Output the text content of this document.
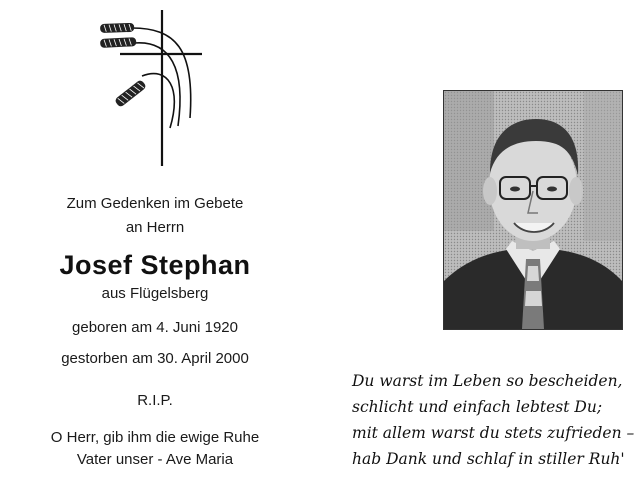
Zum Gedenken im Gebete
an Herrn
Josef Stephan
aus Flügelsberg
geboren am 4. Juni 1920
gestorben am 30. April 2000
R.I.P.
O Herr, gib ihm die ewige Ruhe
Vater unser - Ave Maria
Du warst im Leben so bescheiden,
schlicht und einfach lebtest Du;
mit allem warst du stets zufrieden –
hab Dank und schlaf in stiller Ruh'
